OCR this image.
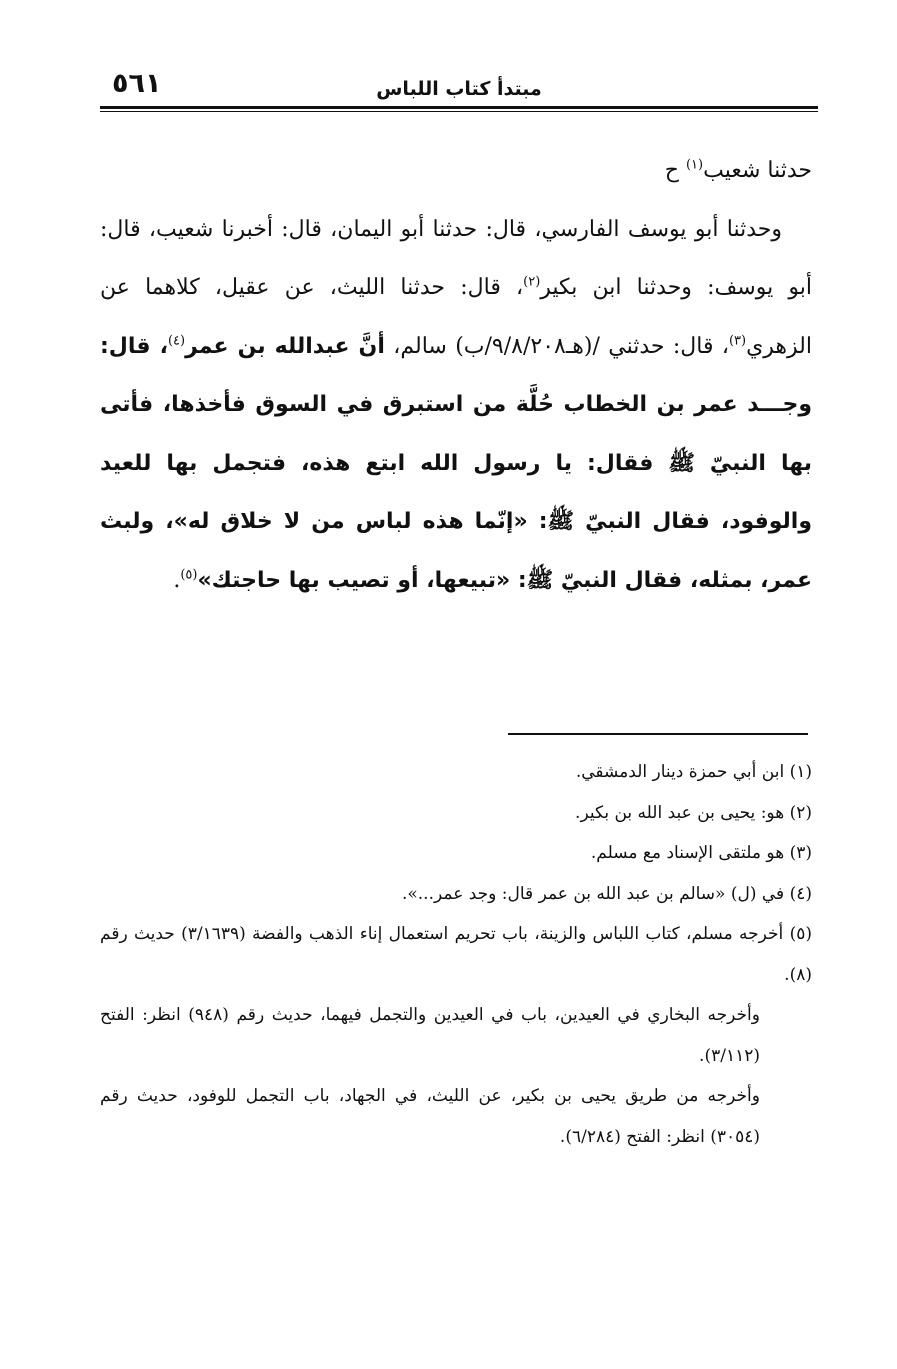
٥٦١	مبتدأ كتاب اللباس

حدثنا شعيب$^{(١)}$ ح

وحدثنا أبو يوسف الفارسي، قال: حدثنا أبو اليمان، قال: أخبرنا شعيب، قال: أبو يوسف: وحدثنا ابن بكير$^{(٢)}$، قال: حدثنا الليث، عن عقيل، كلاهما عن الزهري$^{(٣)}$، قال: حدثني /(هـ٩/٨/٢٠٨/ب) سالم، أنَّ عبدالله بن عمر$^{(٤)}$، قال: وجـــد عمر بن الخطاب حُلَّة من استبرق في السوق فأخذها، فأتى بها النبيّ ﷺ فقال: يا رسول الله ابتع هذه، فتجمل بها للعيد والوفود، فقال النبيّ ﷺ: «إنّما هذه لباس من لا خلاق له»، ولبث عمر، بمثله، فقال النبيّ ﷺ: «تبيعها، أو تصيب بها حاجتك»$^{(٥)}$.

(١) ابن أبي حمزة دينار الدمشقي.

(٢) هو: يحيى بن عبد الله بن بكير.

(٣) هو ملتقى الإسناد مع مسلم.

(٤) في (ل) «سالم بن عبد الله بن عمر قال: وجد عمر...».

(٥) أخرجه مسلم، كتاب اللباس والزينة، باب تحريم استعمال إناء الذهب والفضة (٣/١٦٣٩) حديث رقم (٨).

وأخرجه البخاري في العيدين، باب في العيدين والتجمل فيهما، حديث رقم (٩٤٨) انظر: الفتح (٣/١١٢).

وأخرجه من طريق يحيى بن بكير، عن الليث، في الجهاد، باب التجمل للوفود، حديث رقم (٣٠٥٤) انظر: الفتح (٦/٢٨٤).
